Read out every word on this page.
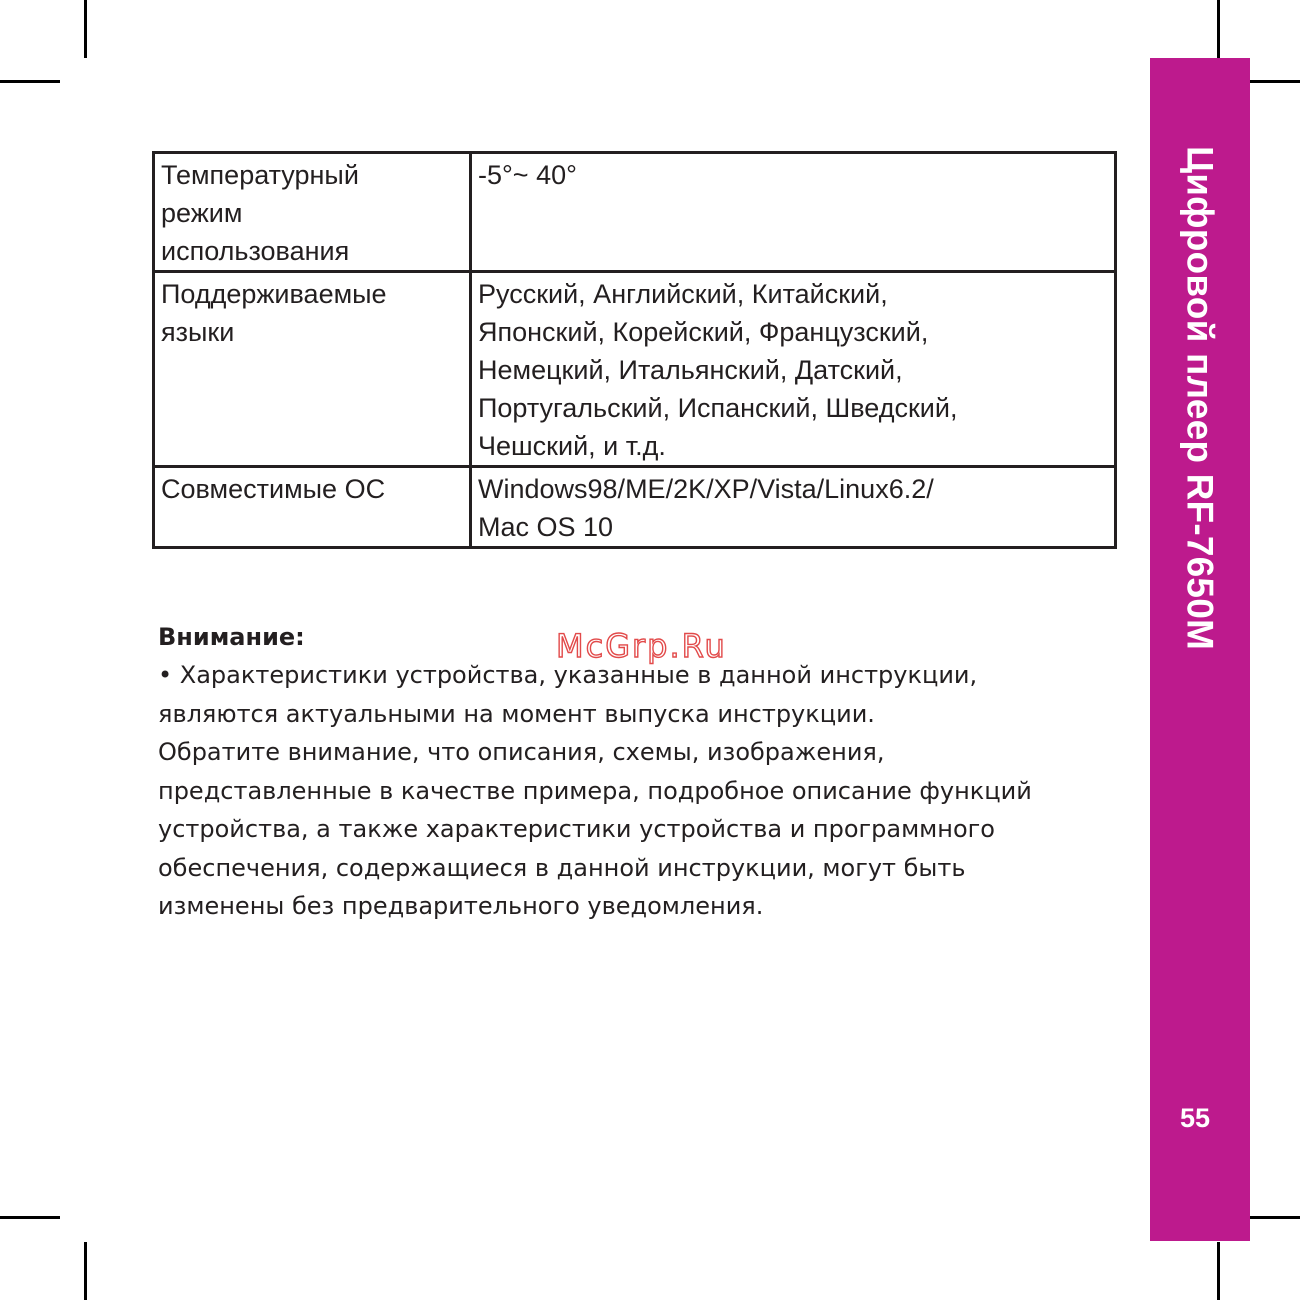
Цифровой плеер RF-7650M
55
Температурный
режим
использования	-5°~ 40°

Поддерживаемые
языки	Русский, Английский, Китайский,
Японский, Корейский, Французский,
Немецкий, Итальянский, Датский,
Португальский, Испанский, Шведский,
Чешский, и т.д.

Совместимые ОС	Windows98/ME/2K/XP/Vista/Linux6.2/
Mac OS 10
Внимание:
• Характеристики устройства, указанные в данной инструкции,
являются актуальными на момент выпуска инструкции.
Обратите внимание, что описания, схемы, изображения,
представленные в качестве примера, подробное описание функций
устройства, а также характеристики устройства и программного
обеспечения, содержащиеся в данной инструкции, могут быть
изменены без предварительного уведомления.
McGrp.Ru
